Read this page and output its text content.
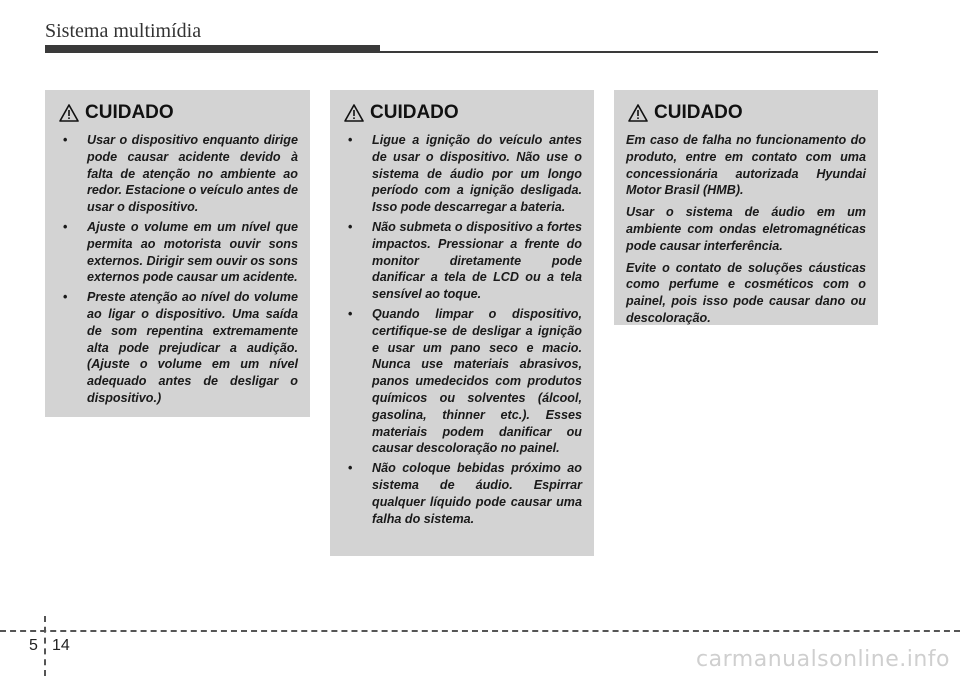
Sistema multimídia
CUIDADO
• Usar o dispositivo enquanto dirige pode causar acidente devido à falta de atenção no ambiente ao redor. Estacione o veículo antes de usar o dispositivo.
• Ajuste o volume em um nível que permita ao motorista ouvir sons externos. Dirigir sem ouvir os sons externos pode causar um acidente.
• Preste atenção ao nível do volume ao ligar o dispositivo. Uma saída de som repentina extremamente alta pode prejudicar a audição. (Ajuste o volume em um nível adequado antes de desligar o dispositivo.)
CUIDADO
• Ligue a ignição do veículo antes de usar o dispositivo. Não use o sistema de áudio por um longo período com a ignição desligada. Isso pode descarregar a bateria.
• Não submeta o dispositivo a fortes impactos. Pressionar a frente do monitor diretamente pode danificar a tela de LCD ou a tela sensível ao toque.
• Quando limpar o dispositivo, certifique-se de desligar a ignição e usar um pano seco e macio. Nunca use materiais abrasivos, panos umedecidos com produtos químicos ou solventes (álcool, gasolina, thinner etc.). Esses materiais podem danificar ou causar descoloração no painel.
• Não coloque bebidas próximo ao sistema de áudio. Espirrar qualquer líquido pode causar uma falha do sistema.
CUIDADO

Em caso de falha no funcionamento do produto, entre em contato com uma concessionária autorizada Hyundai Motor Brasil (HMB).

Usar o sistema de áudio em um ambiente com ondas eletromagnéticas pode causar interferência.

Evite o contato de soluções cáusticas como perfume e cosméticos com o painel, pois isso pode causar dano ou descoloração.

5 14
carmanualsonline.info
